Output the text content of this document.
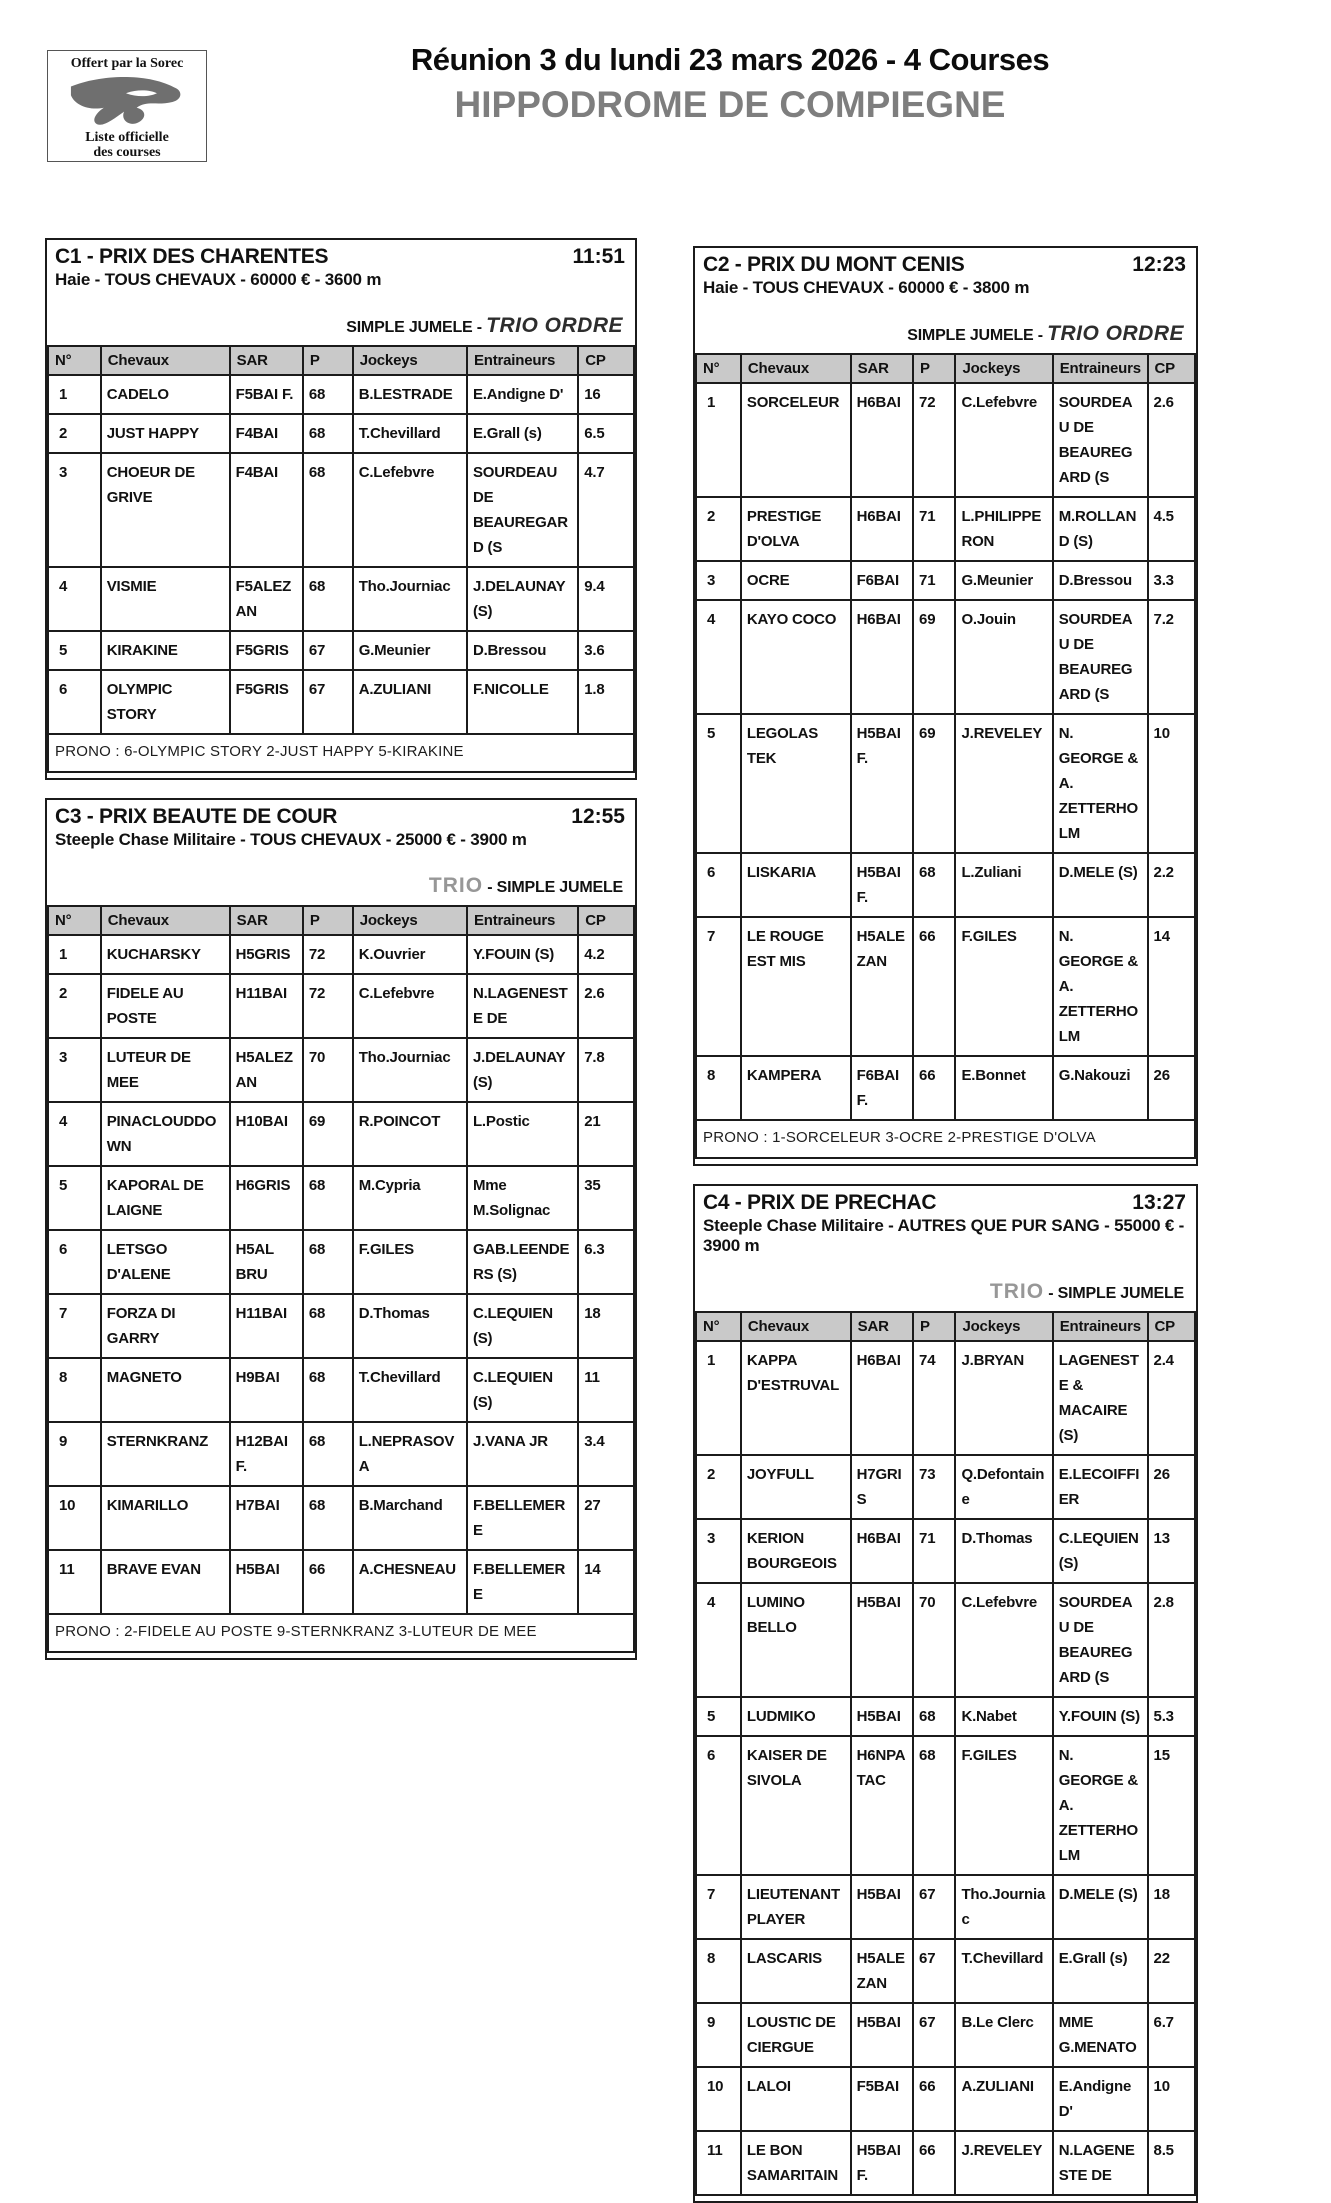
Offert par la Sorec
Liste officielle
des courses
Réunion 3 du lundi 23 mars 2026 - 4 Courses
HIPPODROME DE COMPIEGNE
C1 - PRIX DES CHARENTES	11:51
Haie - TOUS CHEVAUX - 60000 € - 3600 m
SIMPLE JUMELE - TRIO ORDRE
N°	Chevaux	SAR	P	Jockeys	Entraineurs	CP
1	CADELO	F5BAI F.	68	B.LESTRADE	E.Andigne D'	16
2	JUST HAPPY	F4BAI	68	T.Chevillard	E.Grall (s)	6.5
3	CHOEUR DE GRIVE	F4BAI	68	C.Lefebvre	SOURDEAU DE BEAUREGARD (S	4.7
4	VISMIE	F5ALEZAN	68	Tho.Journiac	J.DELAUNAY (S)	9.4
5	KIRAKINE	F5GRIS	67	G.Meunier	D.Bressou	3.6
6	OLYMPIC STORY	F5GRIS	67	A.ZULIANI	F.NICOLLE	1.8
PRONO : 6-OLYMPIC STORY 2-JUST HAPPY 5-KIRAKINE						
C3 - PRIX BEAUTE DE COUR	12:55
Steeple Chase Militaire - TOUS CHEVAUX - 25000 € - 3900 m
TRIO - SIMPLE JUMELE
N°	Chevaux	SAR	P	Jockeys	Entraineurs	CP
1	KUCHARSKY	H5GRIS	72	K.Ouvrier	Y.FOUIN (S)	4.2
2	FIDELE AU POSTE	H11BAI	72	C.Lefebvre	N.LAGENESTE DE	2.6
3	LUTEUR DE MEE	H5ALEZAN	70	Tho.Journiac	J.DELAUNAY (S)	7.8
4	PINACLOUDDOWN	H10BAI	69	R.POINCOT	L.Postic	21
5	KAPORAL DE LAIGNE	H6GRIS	68	M.Cypria	Mme M.Solignac	35
6	LETSGO D'ALENE	H5AL BRU	68	F.GILES	GAB.LEENDERS (S)	6.3
7	FORZA DI GARRY	H11BAI	68	D.Thomas	C.LEQUIEN (S)	18
8	MAGNETO	H9BAI	68	T.Chevillard	C.LEQUIEN (S)	11
9	STERNKRANZ	H12BAI F.	68	L.NEPRASOVA	J.VANA JR	3.4
10	KIMARILLO	H7BAI	68	B.Marchand	F.BELLEMERE	27
11	BRAVE EVAN	H5BAI	66	A.CHESNEAU	F.BELLEMERE	14
PRONO : 2-FIDELE AU POSTE 9-STERNKRANZ 3-LUTEUR DE MEE						
C2 - PRIX DU MONT CENIS	12:23
Haie - TOUS CHEVAUX - 60000 € - 3800 m
SIMPLE JUMELE - TRIO ORDRE
N°	Chevaux	SAR	P	Jockeys	Entraineurs	CP
1	SORCELEUR	H6BAI	72	C.Lefebvre	SOURDEAU DE BEAUREGARD (S	2.6
2	PRESTIGE D'OLVA	H6BAI	71	L.PHILIPPERON	M.ROLLAND (S)	4.5
3	OCRE	F6BAI	71	G.Meunier	D.Bressou	3.3
4	KAYO COCO	H6BAI	69	O.Jouin	SOURDEAU DE BEAUREGARD (S	7.2
5	LEGOLAS TEK	H5BAI F.	69	J.REVELEY	N. GEORGE & A. ZETTERHOLM	10
6	LISKARIA	H5BAI F.	68	L.Zuliani	D.MELE (S)	2.2
7	LE ROUGE EST MIS	H5ALEZAN	66	F.GILES	N. GEORGE & A. ZETTERHOLM	14
8	KAMPERA	F6BAI F.	66	E.Bonnet	G.Nakouzi	26
PRONO : 1-SORCELEUR 3-OCRE 2-PRESTIGE D'OLVA						
C4 - PRIX DE PRECHAC	13:27
Steeple Chase Militaire - AUTRES QUE PUR SANG - 55000 € - 3900 m
TRIO - SIMPLE JUMELE
N°	Chevaux	SAR	P	Jockeys	Entraineurs	CP
1	KAPPA D'ESTRUVAL	H6BAI	74	J.BRYAN	LAGENESTE & MACAIRE (S)	2.4
2	JOYFULL	H7GRIS	73	Q.Defontaine	E.LECOIFFIER	26
3	KERION BOURGEOIS	H6BAI	71	D.Thomas	C.LEQUIEN (S)	13
4	LUMINO BELLO	H5BAI	70	C.Lefebvre	SOURDEAU DE BEAUREGARD (S	2.8
5	LUDMIKO	H5BAI	68	K.Nabet	Y.FOUIN (S)	5.3
6	KAISER DE SIVOLA	H6NPATAC	68	F.GILES	N. GEORGE & A. ZETTERHOLM	15
7	LIEUTENANT PLAYER	H5BAI	67	Tho.Journiac	D.MELE (S)	18
8	LASCARIS	H5ALEZAN	67	T.Chevillard	E.Grall (s)	22
9	LOUSTIC DE CIERGUE	H5BAI	67	B.Le Clerc	MME G.MENATO	6.7
10	LALOI	F5BAI	66	A.ZULIANI	E.Andigne D'	10
11	LE BON SAMARITAIN	H5BAI F.	66	J.REVELEY	N.LAGENESTE DE	8.5
